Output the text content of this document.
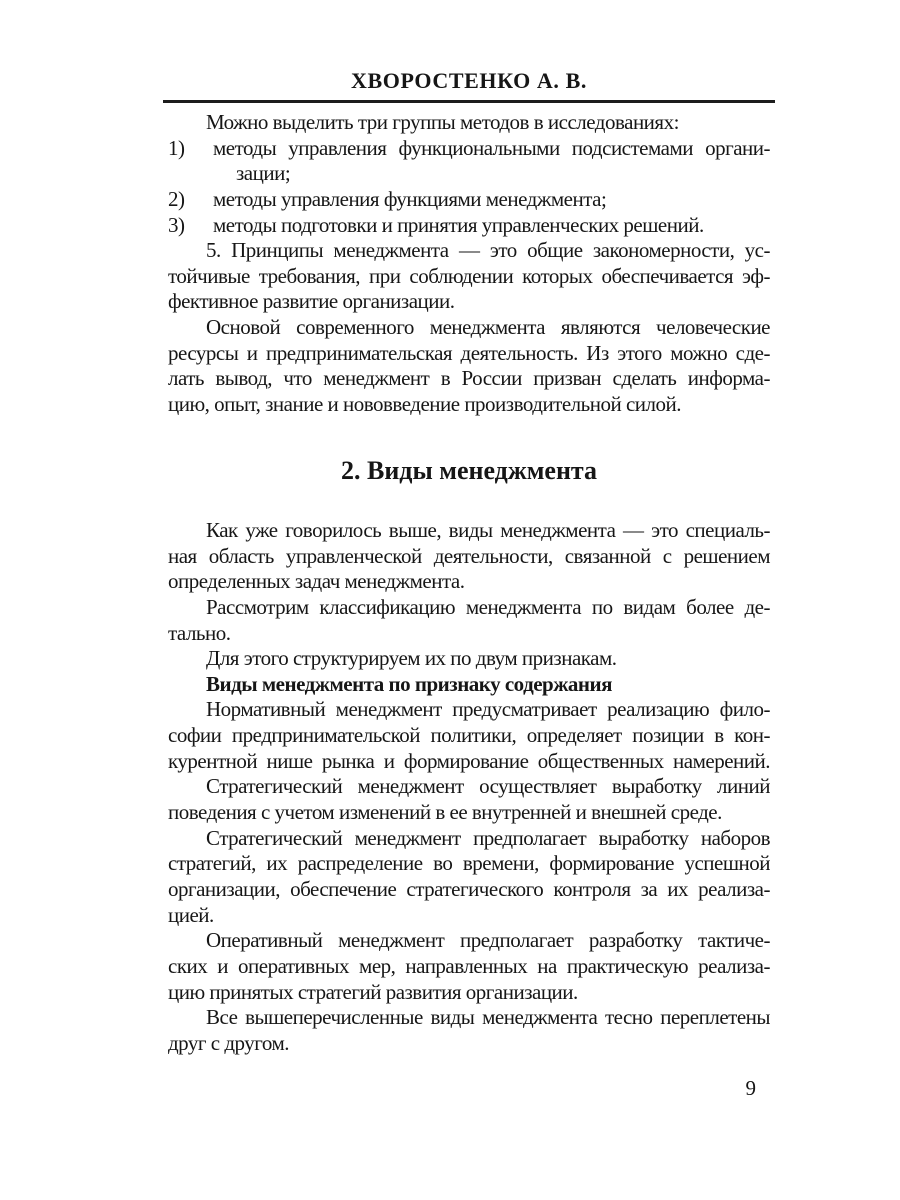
ХВОРОСТЕНКО А. В.
Можно выделить три группы методов в исследованиях:
1) методы управления функциональными подсистемами органи-
зации;
2) методы управления функциями менеджмента;
3) методы подготовки и принятия управленческих решений.
5. Принципы менеджмента — это общие закономерности, ус-
тойчивые требования, при соблюдении которых обеспечивается эф-
фективное развитие организации.
Основой современного менеджмента являются человеческие
ресурсы и предпринимательская деятельность. Из этого можно сде-
лать вывод, что менеджмент в России призван сделать информа-
цию, опыт, знание и нововведение производительной силой.
2. Виды менеджмента
Как уже говорилось выше, виды менеджмента — это специаль-
ная область управленческой деятельности, связанной с решением
определенных задач менеджмента.
Рассмотрим классификацию менеджмента по видам более де-
тально.
Для этого структурируем их по двум признакам.
Виды менеджмента по признаку содержания
Нормативный менеджмент предусматривает реализацию фило-
софии предпринимательской политики, определяет позиции в кон-
курентной нише рынка и формирование общественных намерений.
Стратегический менеджмент осуществляет выработку линий
поведения с учетом изменений в ее внутренней и внешней среде.
Стратегический менеджмент предполагает выработку наборов
стратегий, их распределение во времени, формирование успешной
организации, обеспечение стратегического контроля за их реализа-
цией.
Оперативный менеджмент предполагает разработку тактиче-
ских и оперативных мер, направленных на практическую реализа-
цию принятых стратегий развития организации.
Все вышеперечисленные виды менеджмента тесно переплетены
друг с другом.
9
